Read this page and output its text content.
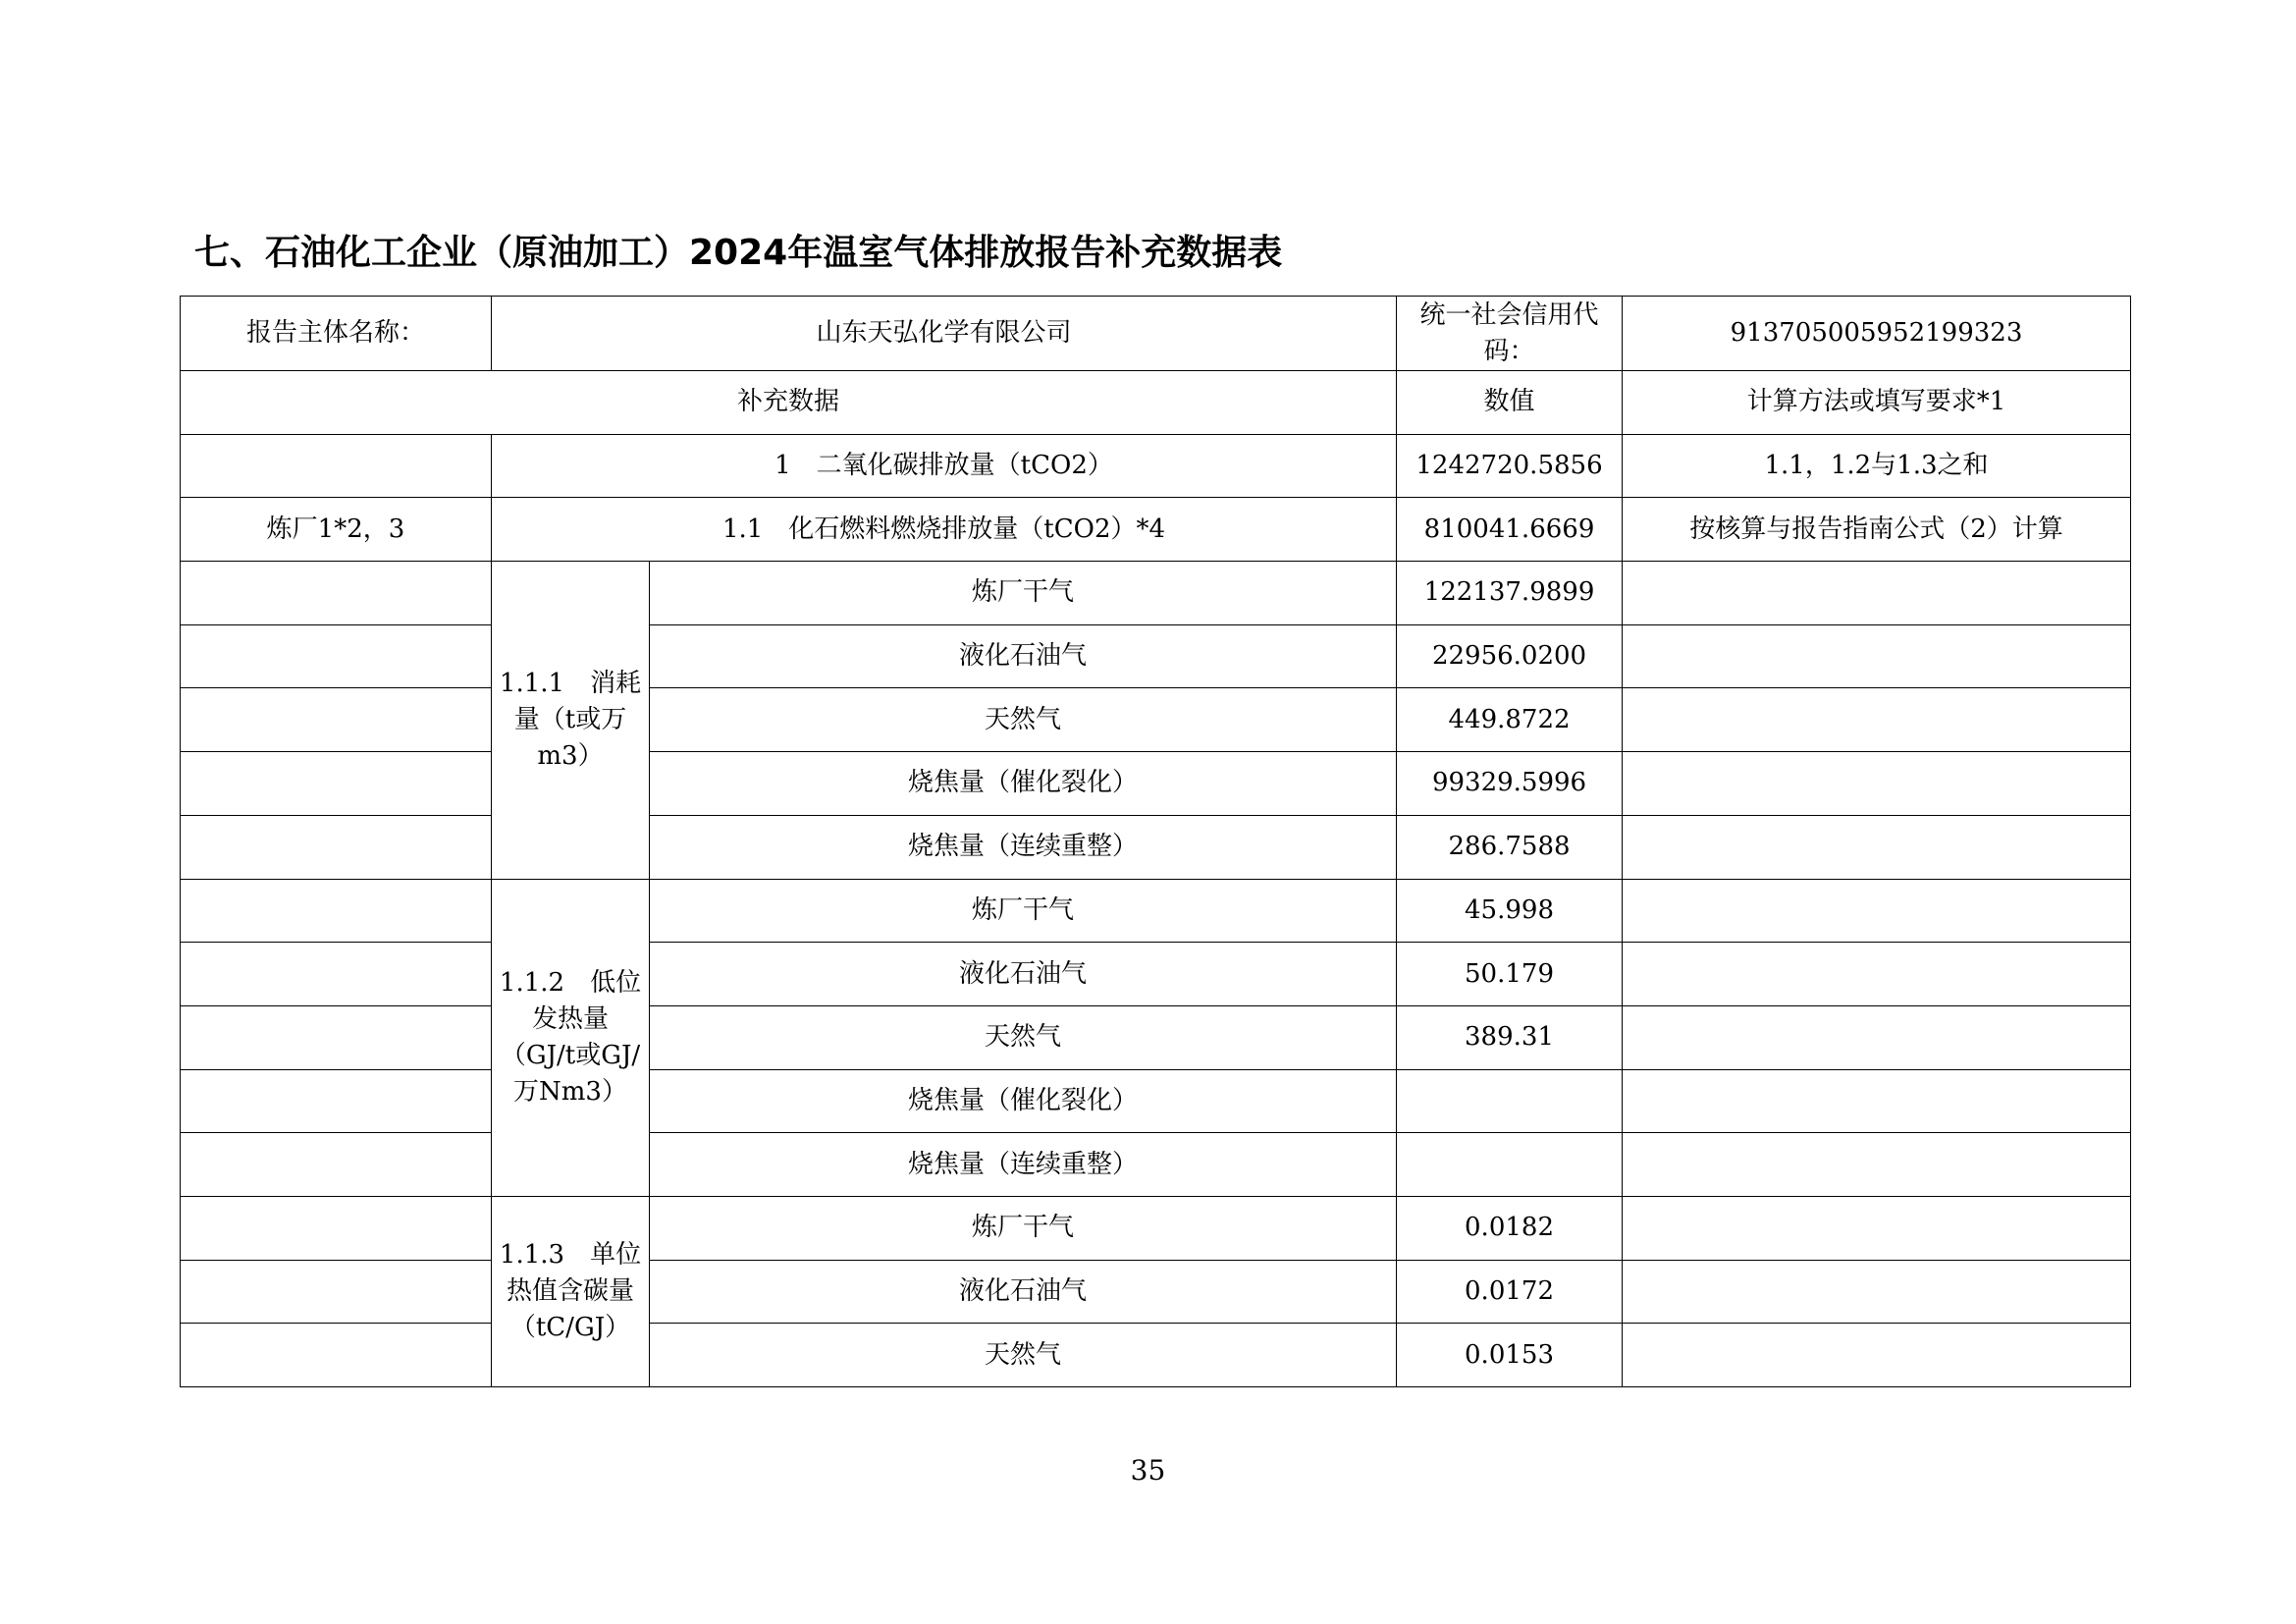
七、石油化工企业（原油加工）2024年温室气体排放报告补充数据表
报告主体名称：	山东天弘化学有限公司		统一社会信用代码：	913705005952199323
补充数据			数值	计算方法或填写要求*1
	1　二氧化碳排放量（tCO2）		1242720.5856	1.1，1.2与1.3之和
炼厂1*2，3	1.1　化石燃料燃烧排放量（tCO2）*4		810041.6669	按核算与报告指南公式（2）计算
	1.1.1　消耗量（t或万m3）	炼厂干气	122137.9899	
		液化石油气	22956.0200	
		天然气	449.8722	
		烧焦量（催化裂化）	99329.5996	
		烧焦量（连续重整）	286.7588	
	1.1.2　低位发热量（GJ/t或GJ/万Nm3）	炼厂干气	45.998	
		液化石油气	50.179	
		天然气	389.31	
		烧焦量（催化裂化）		
		烧焦量（连续重整）		
	1.1.3　单位热值含碳量（tC/GJ）	炼厂干气	0.0182	
		液化石油气	0.0172	
		天然气	0.0153	
35
